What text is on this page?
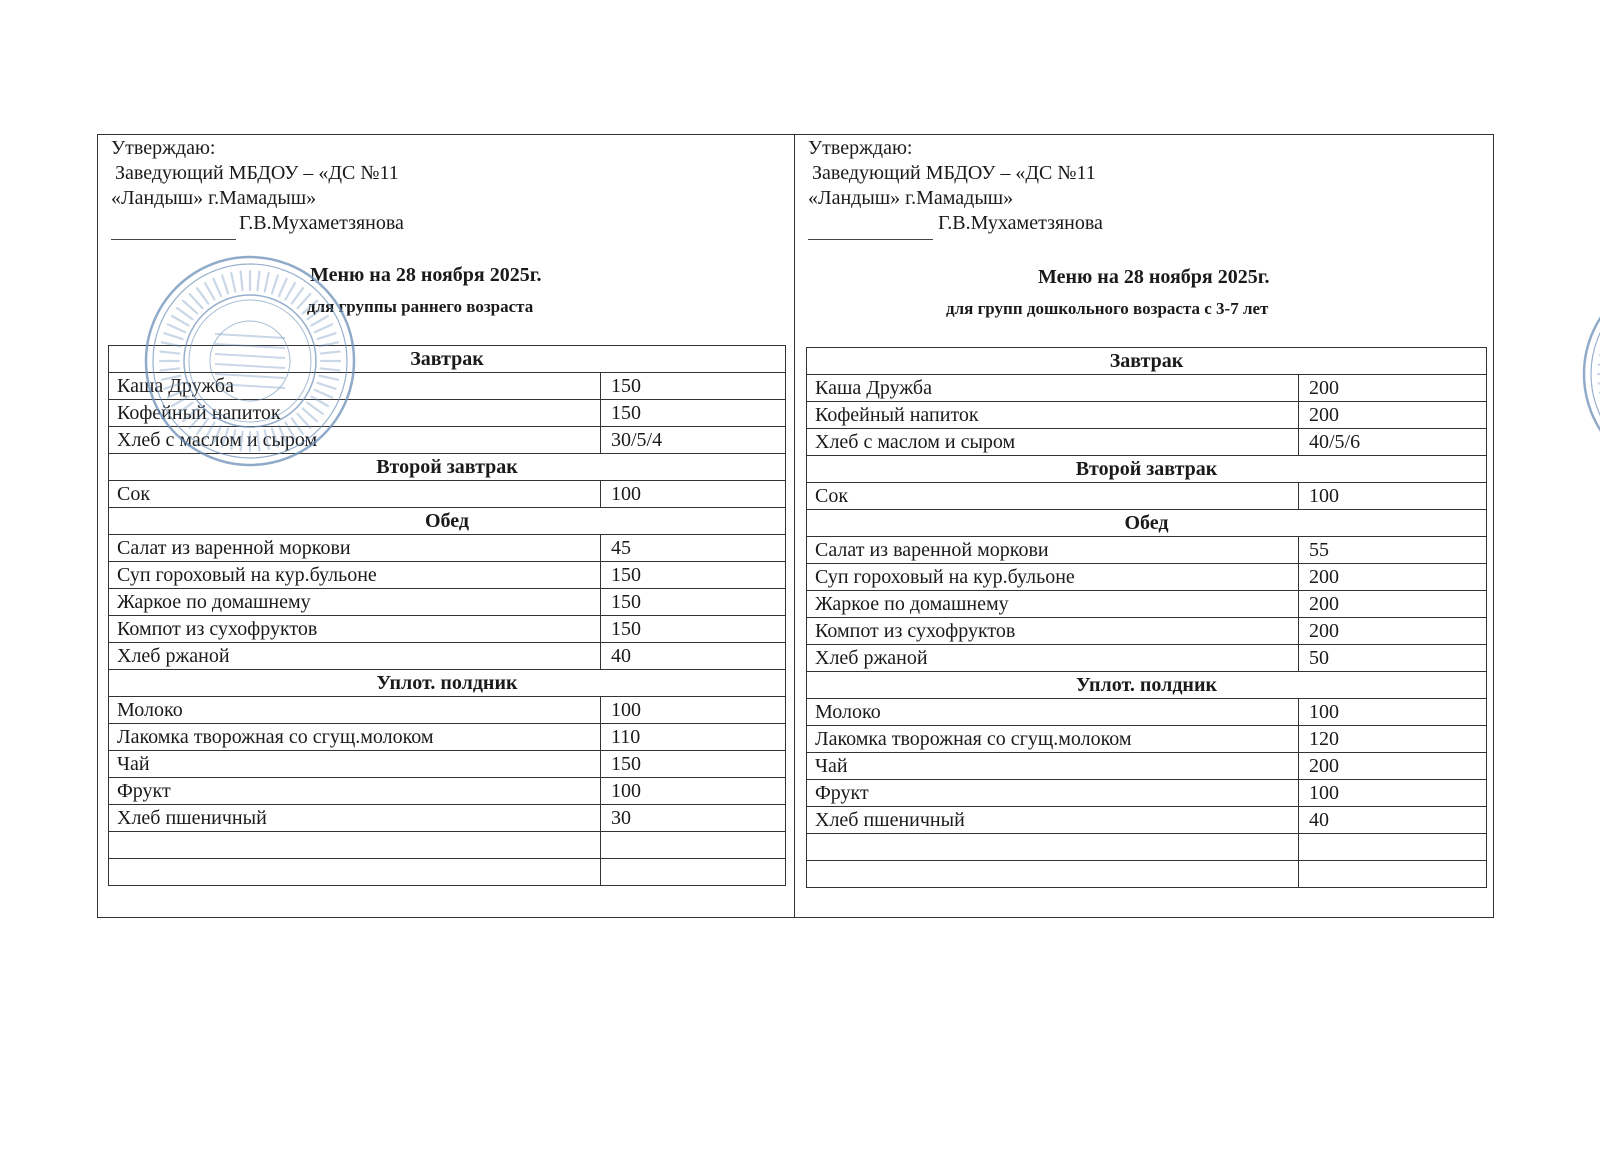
Утверждаю:
Заведующий МБДОУ – «ДС №11
«Ландыш» г.Мамадыш»
Г.В.Мухаметзянова
Меню на 28 ноября 2025г.
для группы раннего возраста
Завтрак	
Каша Дружба	150
Кофейный напиток	150
Хлеб с маслом и сыром	30/5/4
Второй завтрак	
Сок	100
Обед	
Салат из варенной моркови	45
Суп гороховый на кур.бульоне	150
Жаркое по домашнему	150
Компот из сухофруктов	150
Хлеб ржаной	40
Уплот. полдник	
Молоко	100
Лакомка творожная со сгущ.молоком	110
Чай	150
Фрукт	100
Хлеб пшеничный	30

Утверждаю:
Заведующий МБДОУ – «ДС №11
«Ландыш» г.Мамадыш»
Г.В.Мухаметзянова
Меню на 28 ноября 2025г.
для групп дошкольного возраста с 3-7 лет
Завтрак	
Каша Дружба	200
Кофейный напиток	200
Хлеб с маслом и сыром	40/5/6
Второй завтрак	
Сок	100
Обед	
Салат из варенной моркови	55
Суп гороховый на кур.бульоне	200
Жаркое по домашнему	200
Компот из сухофруктов	200
Хлеб ржаной	50
Уплот. полдник	
Молоко	100
Лакомка творожная со сгущ.молоком	120
Чай	200
Фрукт	100
Хлеб пшеничный	40
